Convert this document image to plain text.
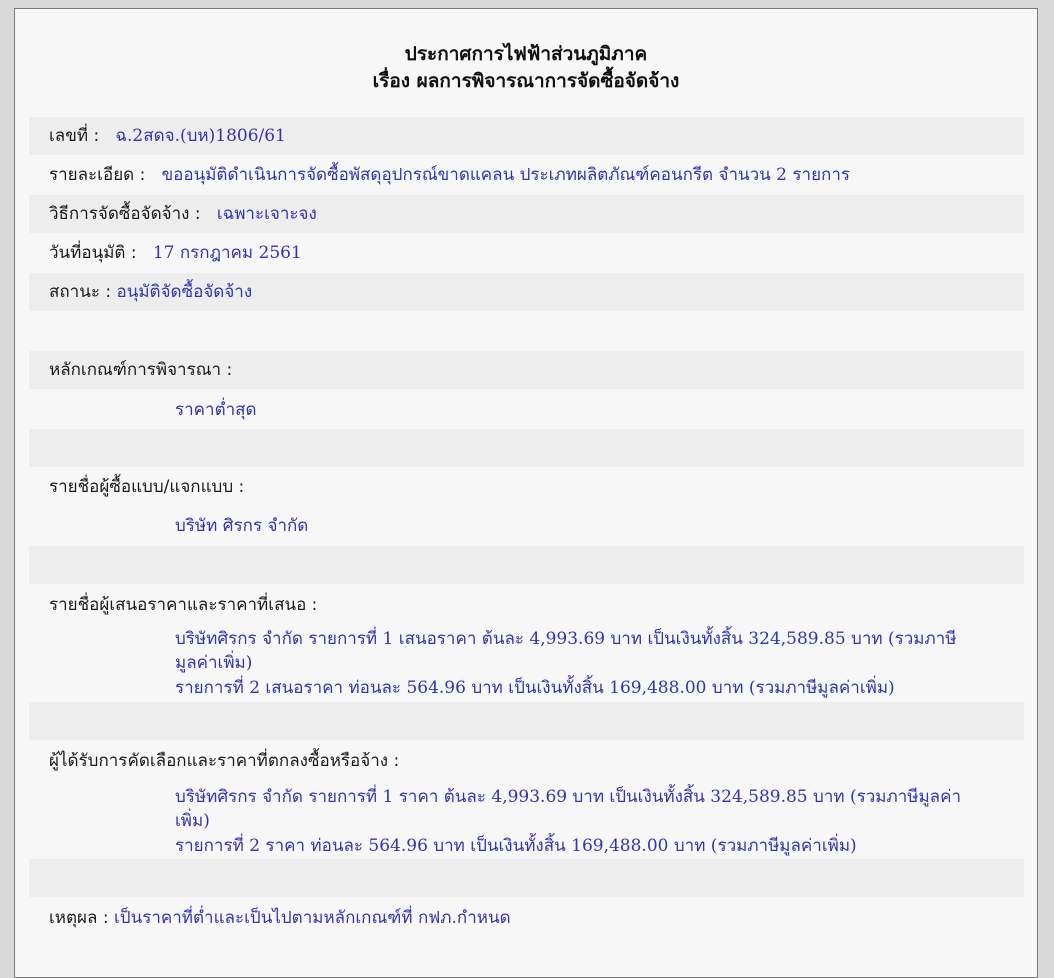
ประกาศการไฟฟ้าส่วนภูมิภาค
เรื่อง ผลการพิจารณาการจัดซื้อจัดจ้าง
เลขที่ : ฉ.2สดจ.(บห)1806/61
รายละเอียด : ขออนุมัติดำเนินการจัดซื้อพัสดุอุปกรณ์ขาดแคลน ประเภทผลิตภัณฑ์คอนกรีต จำนวน 2 รายการ
วิธีการจัดซื้อจัดจ้าง : เฉพาะเจาะจง
วันที่อนุมัติ : 17 กรกฎาคม 2561
สถานะ : อนุมัติจัดซื้อจัดจ้าง
หลักเกณฑ์การพิจารณา :
ราคาต่ำสุด
รายชื่อผู้ซื้อแบบ/แจกแบบ :
บริษัท ศิรกร จำกัด
รายชื่อผู้เสนอราคาและราคาที่เสนอ :
บริษัทศิรกร จำกัด รายการที่ 1 เสนอราคา ต้นละ 4,993.69 บาท เป็นเงินทั้งสิ้น 324,589.85 บาท (รวมภาษี
มูลค่าเพิ่ม)
รายการที่ 2 เสนอราคา ท่อนละ 564.96 บาท เป็นเงินทั้งสิ้น 169,488.00 บาท (รวมภาษีมูลค่าเพิ่ม)
ผู้ได้รับการคัดเลือกและราคาที่ตกลงซื้อหรือจ้าง :
บริษัทศิรกร จำกัด รายการที่ 1 ราคา ต้นละ 4,993.69 บาท เป็นเงินทั้งสิ้น 324,589.85 บาท (รวมภาษีมูลค่า
เพิ่ม)
รายการที่ 2 ราคา ท่อนละ 564.96 บาท เป็นเงินทั้งสิ้น 169,488.00 บาท (รวมภาษีมูลค่าเพิ่ม)
เหตุผล : เป็นราคาที่ต่ำและเป็นไปตามหลักเกณฑ์ที่ กฟภ.กำหนด
